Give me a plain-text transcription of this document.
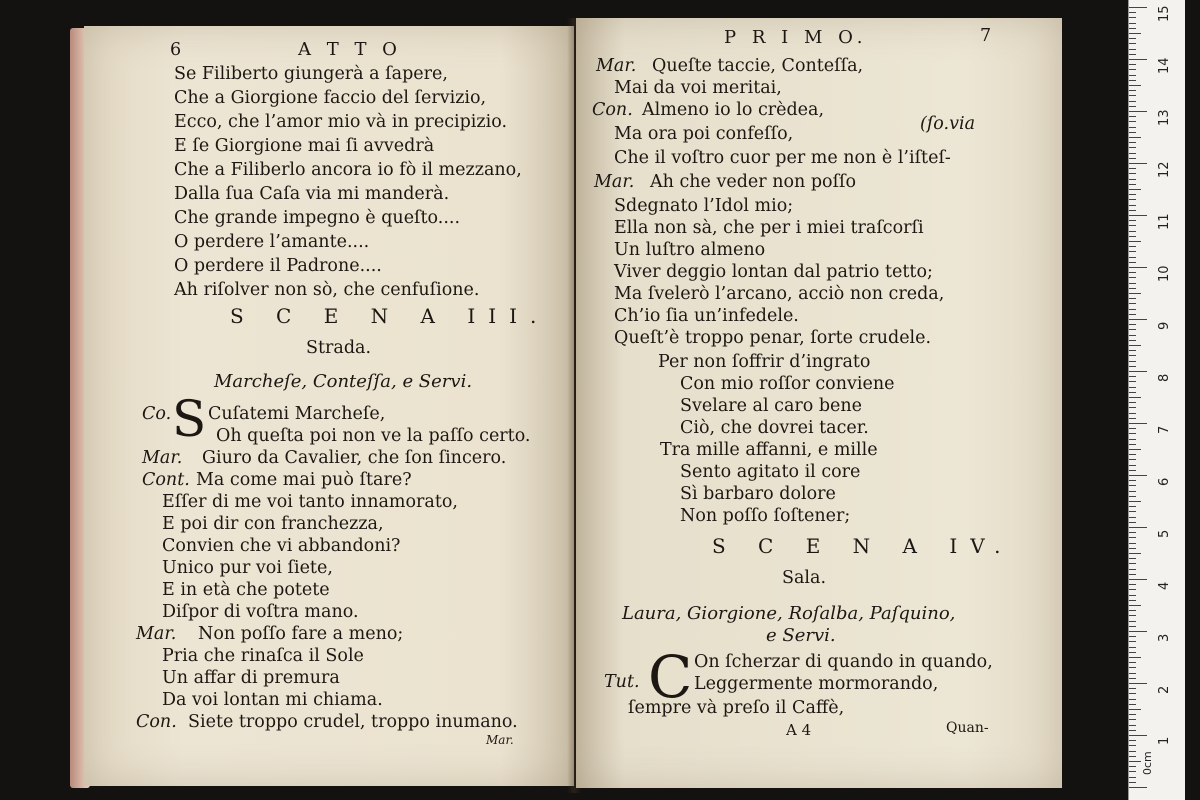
6	A T T O
Se Filiberto giungerà a ſapere,
Che a Giorgione faccio del ſervizio,
Ecco, che l’amor mio và in precipizio.
E ſe Giorgione mai ſi avvedrà
Che a Filiberlo ancora io fò il mezzano,
Dalla ſua Caſa via mi manderà.
Che grande impegno è queſto....
O perdere l’amante....
O perdere il Padrone....
Ah riſolver non sò, che cenfuſione.
S C E N A III.
Strada.
Marcheſe, Conteſſa, e Servi.
S
Co. Cuſatemi Marcheſe,
Oh queſta poi non ve la paſſo certo.
Mar. Giuro da Cavalier, che ſon ſincero.
Cont. Ma come mai può ſtare?
Eſſer di me voi tanto innamorato,
E poi dir con franchezza,
Convien che vi abbandoni?
Unico pur voi ſiete,
E in età che potete
Diſpor di voſtra mano.
Mar. Non poſſo fare a meno;
Pria che rinaſca il Sole
Un affar di premura
Da voi lontan mi chiama.
Con. Siete troppo crudel, troppo inumano.
Mar.
P R I M O.	7
Mar. Queſte taccie, Conteſſa,
Mai da voi meritai,
Con. Almeno io lo crèdea,
(ſo.via
Ma ora poi confeſſo,
Che il voſtro cuor per me non è l’iſteſ-
Mar. Ah che veder non poſſo
Sdegnato l’Idol mio;
Ella non sà, che per i miei traſcorſi
Un luſtro almeno
Viver deggio lontan dal patrio tetto;
Ma ſvelerò l’arcano, acciò non creda,
Ch’io ſia un’infedele.
Queſt’è troppo penar, ſorte crudele.
Per non ſoffrir d’ingrato
Con mio roſſor conviene
Svelare al caro bene
Ciò, che dovrei tacer.
Tra mille affanni, e mille
Sento agitato il core
Sì barbaro dolore
Non poſſo ſoſtener;
S C E N A IV.
Sala.
Laura, Giorgione, Roſalba, Paſquino,
e Servi.
Tut. C On ſcherzar di quando in quando,
Leggermente mormorando,
ſempre và preſo il Caffè,
A 4	Quan-
0cm
1
2
3
4
5
6
7
8
9
10
11
12
13
14
15
